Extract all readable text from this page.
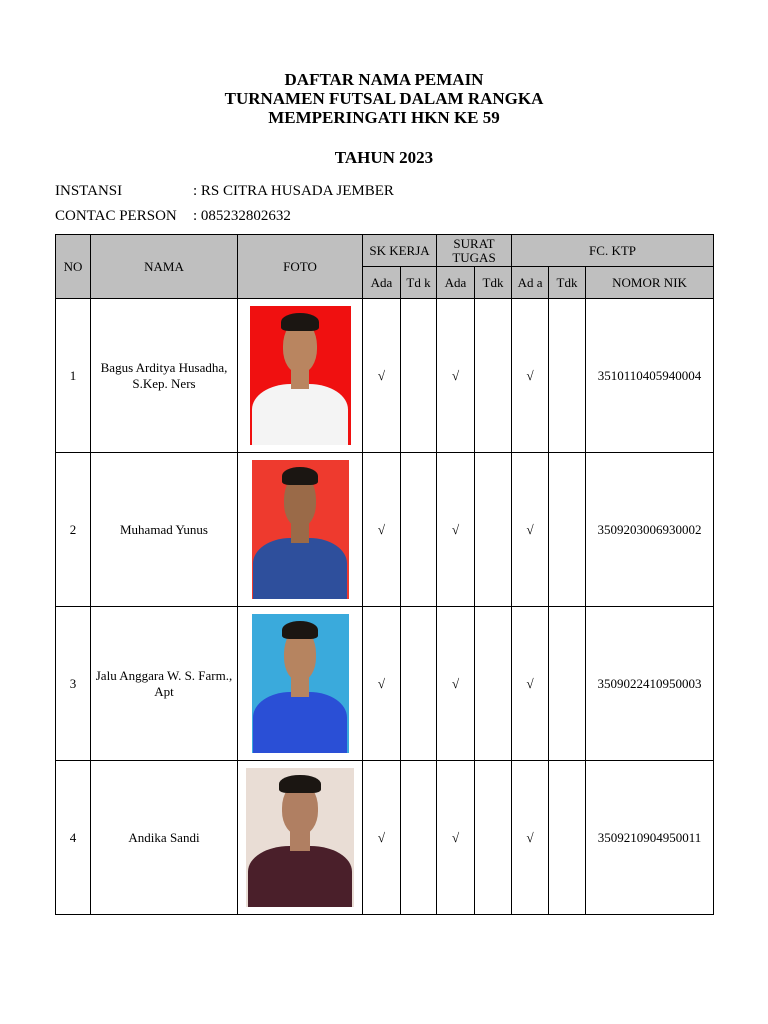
DAFTAR NAMA PEMAIN
TURNAMEN FUTSAL DALAM RANGKA
MEMPERINGATI HKN KE 59
TAHUN 2023
INSTANSI	: RS CITRA HUSADA JEMBER
CONTAC PERSON : 085232802632
NO	NAMA	FOTO	SK KERJA		SURAT TUGAS		FC. KTP		
			Ada	Td k	Ada	Tdk	Ad a	Tdk	NOMOR NIK
1	Bagus Arditya Husadha, S.Kep. Ners		√		√		√		3510110405940004
2	Muhamad Yunus		√		√		√		3509203006930002
3	Jalu Anggara W. S. Farm., Apt		√		√		√		3509022410950003
4	Andika Sandi		√		√		√		3509210904950011
